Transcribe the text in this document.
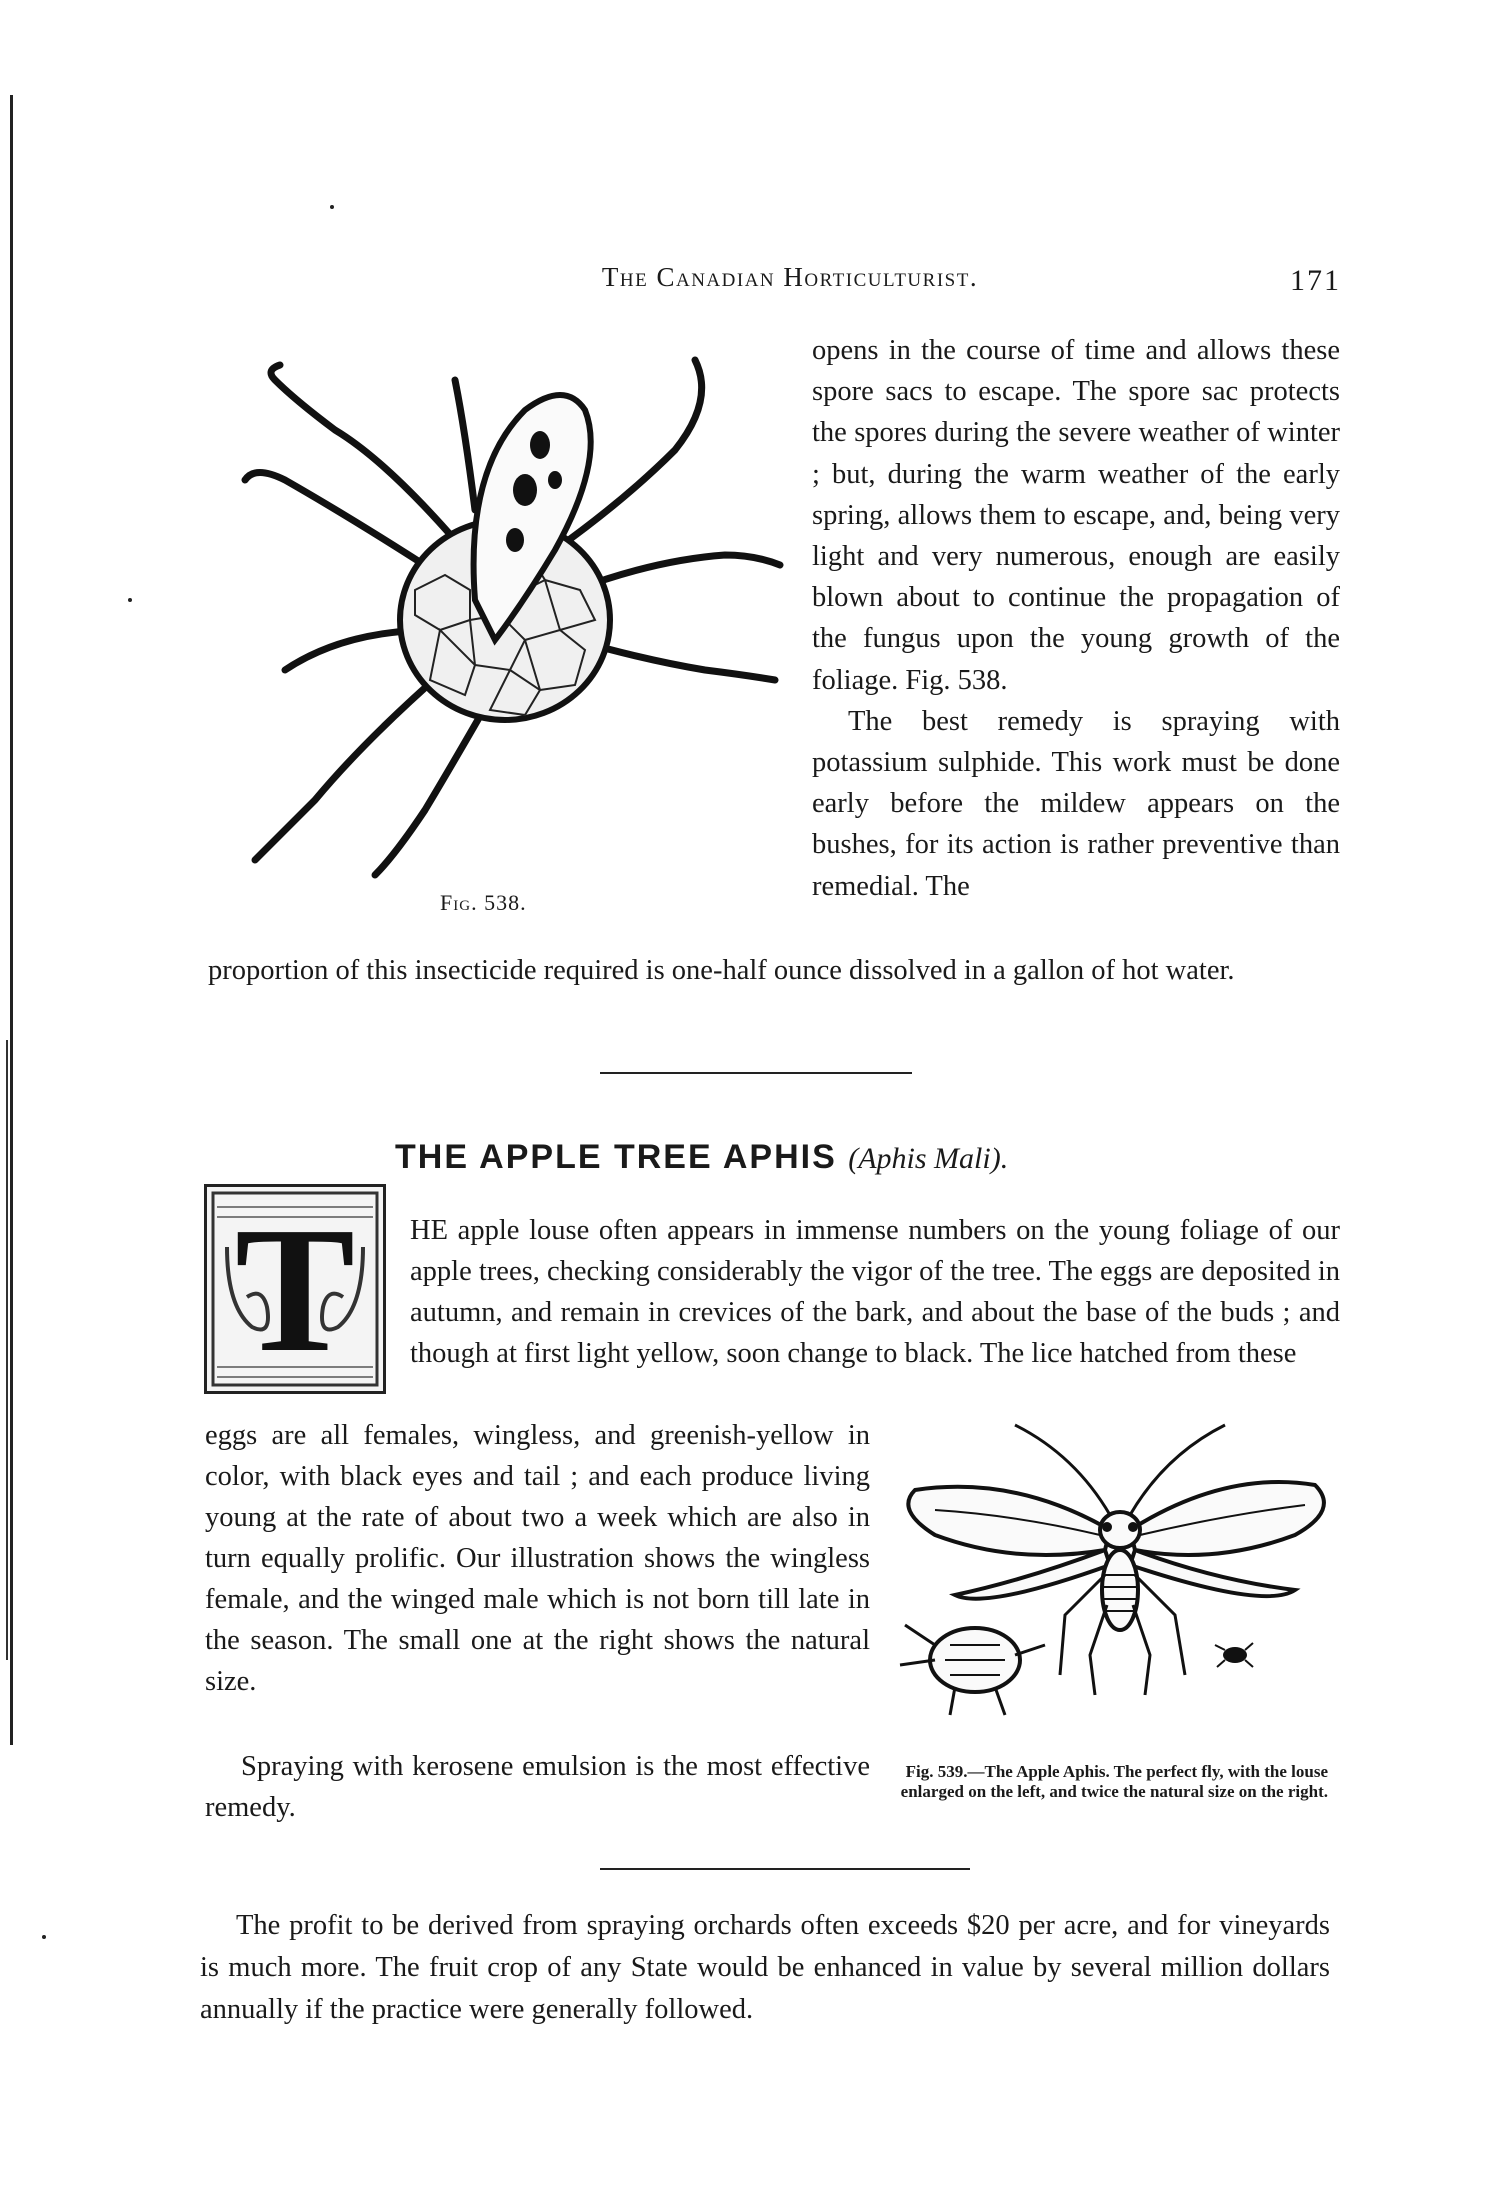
The Canadian Horticulturist.	171
Fig. 538.

opens in the course of time and allows these spore sacs to escape. The spore sac protects the spores during the severe weather of winter ; but, during the warm weather of the early spring, allows them to escape, and, being very light and very numerous, enough are easily blown about to continue the propagation of the fungus upon the young growth of the foliage. Fig. 538.

The best remedy is spraying with potassium sulphide. This work must be done early before the mildew appears on the bushes, for its action is rather preventive than remedial. The

proportion of this insecticide required is one-half ounce dissolved in a gallon of hot water.

THE APPLE TREE APHIS (Aphis Mali).
T	HE apple louse often appears in immense numbers on the young foliage of our apple trees, checking considerably the vigor of the tree. The eggs are deposited in autumn, and remain in crevices of the bark, and about the base of the buds ; and though at first light yellow, soon change to black. The lice hatched from these

eggs are all females, wingless, and greenish-yellow in color, with black eyes and tail ; and each produce living young at the rate of about two a week which are also in turn equally prolific. Our illustration shows the wingless female, and the winged male which is not born till late in the season. The small one at the right shows the natural size.

Fig. 539.—The Apple Aphis. The perfect fly, with the louse enlarged on the left, and twice the natural size on the right.

Spraying with kerosene emulsion is the most effective remedy.

The profit to be derived from spraying orchards often exceeds $20 per acre, and for vineyards is much more. The fruit crop of any State would be enhanced in value by several million dollars annually if the practice were generally followed.
